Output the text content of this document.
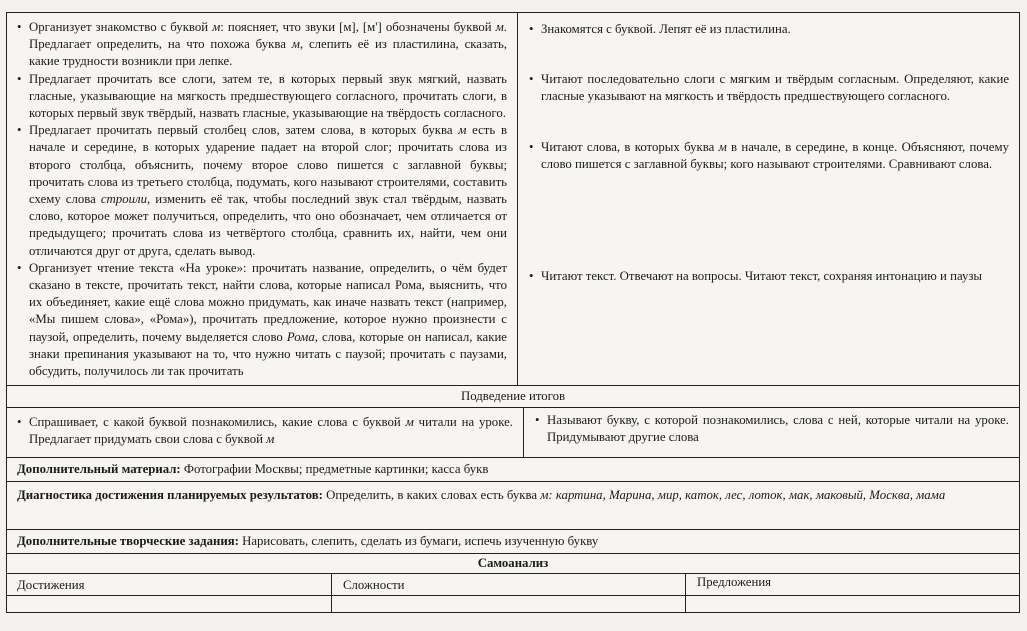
• Организует знакомство с буквой м: поясняет, что звуки [м], [м'] обозначены буквой м. Предлагает определить, на что похожа буква м, слепить её из пластилина, сказать, какие трудности возникли при лепке.
• Предлагает прочитать все слоги, затем те, в которых первый звук мягкий, назвать гласные, указывающие на мягкость предшествующего согласного, прочитать слоги, в которых первый звук твёрдый, назвать гласные, указывающие на твёрдость согласного.
• Предлагает прочитать первый столбец слов, затем слова, в которых буква м есть в начале и середине, в которых ударение падает на второй слог; прочитать слова из второго столбца, объяснить, почему второе слово пишется с заглавной буквы; прочитать слова из третьего столбца, подумать, кого называют строителями, составить схему слова строили, изменить её так, чтобы последний звук стал твёрдым, назвать слово, которое может получиться, определить, что оно обозначает, чем отличается от предыдущего; прочитать слова из четвёртого столбца, сравнить их, найти, чем они отличаются друг от друга, сделать вывод.
• Организует чтение текста «На уроке»: прочитать название, определить, о чём будет сказано в тексте, прочитать текст, найти слова, которые написал Рома, выяснить, что их объединяет, какие ещё слова можно придумать, как иначе назвать текст (например, «Мы пишем слова», «Рома»), прочитать предложение, которое нужно произнести с паузой, определить, почему выделяется слово Рома, слова, которые он написал, какие знаки препинания указывают на то, что нужно читать с паузой; прочитать с паузами, обсудить, получилось ли так прочитать
• Знакомятся с буквой. Лепят её из пластилина.
• Читают последовательно слоги с мягким и твёрдым согласным. Определяют, какие гласные указывают на мягкость и твёрдость предшествующего согласного.
• Читают слова, в которых буква м в начале, в середине, в конце. Объясняют, почему слово пишется с заглавной буквы; кого называют строителями. Сравнивают слова.
• Читают текст. Отвечают на вопросы. Читают текст, сохраняя интонацию и паузы
Подведение итогов
• Спрашивает, с какой буквой познакомились, какие слова с буквой м читали на уроке. Предлагает придумать свои слова с буквой м
• Называют букву, с которой познакомились, слова с ней, которые читали на уроке. Придумывают другие слова
Дополнительный материал: Фотографии Москвы; предметные картинки; касса букв
Диагностика достижения планируемых результатов: Определить, в каких словах есть буква м: картина, Марина, мир, каток, лес, лоток, мак, маковый, Москва, мама
Дополнительные творческие задания: Нарисовать, слепить, сделать из бумаги, испечь изученную букву
Самоанализ
Достижения	Сложности	Предложения
